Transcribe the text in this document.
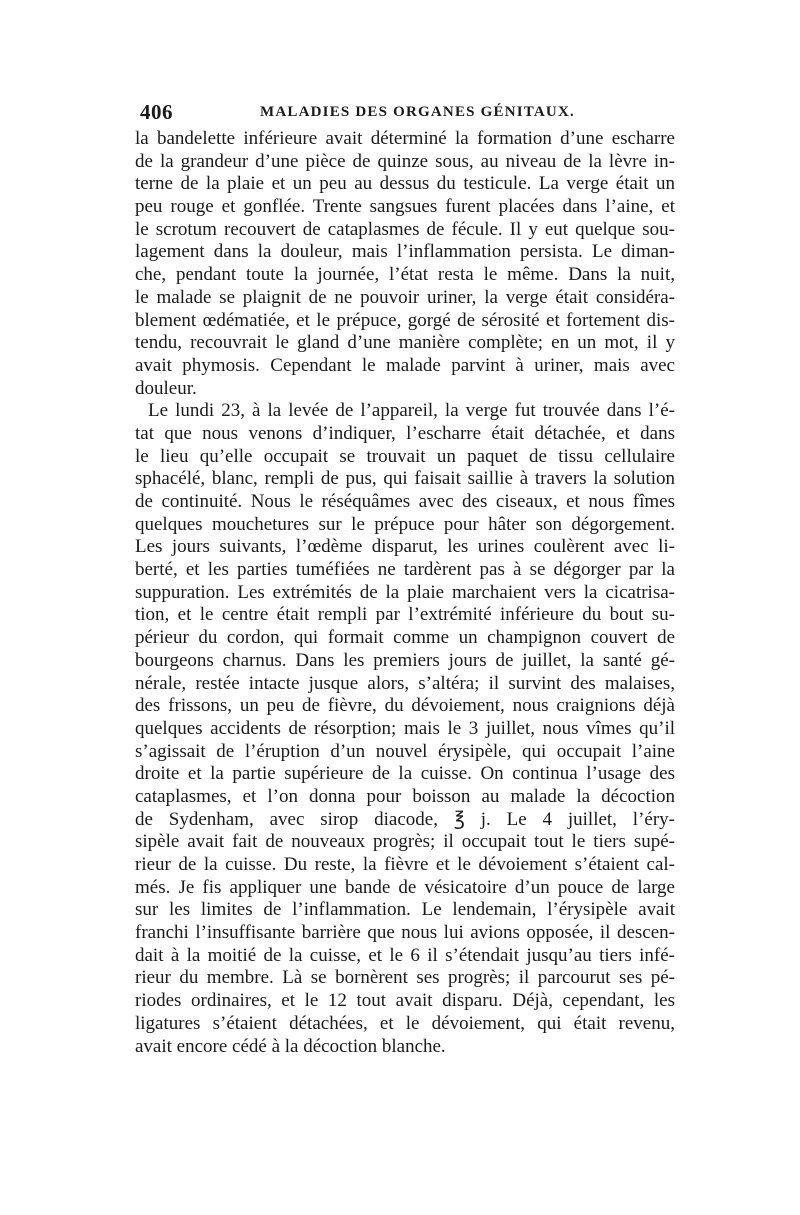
406	MALADIES DES ORGANES GÉNITAUX.
la bandelette inférieure avait déterminé la formation d’une escharre
de la grandeur d’une pièce de quinze sous, au niveau de la lèvre in-
terne de la plaie et un peu au dessus du testicule. La verge était un
peu rouge et gonflée. Trente sangsues furent placées dans l’aine, et
le scrotum recouvert de cataplasmes de fécule. Il y eut quelque sou-
lagement dans la douleur, mais l’inflammation persista. Le diman-
che, pendant toute la journée, l’état resta le même. Dans la nuit,
le malade se plaignit de ne pouvoir uriner, la verge était considéra-
blement œdématiée, et le prépuce, gorgé de sérosité et fortement dis-
tendu, recouvrait le gland d’une manière complète; en un mot, il y
avait phymosis. Cependant le malade parvint à uriner, mais avec
douleur.
Le lundi 23, à la levée de l’appareil, la verge fut trouvée dans l’é-
tat que nous venons d’indiquer, l’escharre était détachée, et dans
le lieu qu’elle occupait se trouvait un paquet de tissu cellulaire
sphacélé, blanc, rempli de pus, qui faisait saillie à travers la solution
de continuité. Nous le réséquâmes avec des ciseaux, et nous fîmes
quelques mouchetures sur le prépuce pour hâter son dégorgement.
Les jours suivants, l’œdème disparut, les urines coulèrent avec li-
berté, et les parties tuméfiées ne tardèrent pas à se dégorger par la
suppuration. Les extrémités de la plaie marchaient vers la cicatrisa-
tion, et le centre était rempli par l’extrémité inférieure du bout su-
périeur du cordon, qui formait comme un champignon couvert de
bourgeons charnus. Dans les premiers jours de juillet, la santé gé-
nérale, restée intacte jusque alors, s’altéra; il survint des malaises,
des frissons, un peu de fièvre, du dévoiement, nous craignions déjà
quelques accidents de résorption; mais le 3 juillet, nous vîmes qu’il
s’agissait de l’éruption d’un nouvel érysipèle, qui occupait l’aine
droite et la partie supérieure de la cuisse. On continua l’usage des
cataplasmes, et l’on donna pour boisson au malade la décoction
de Sydenham, avec sirop diacode, ℥ j. Le 4 juillet, l’éry-
sipèle avait fait de nouveaux progrès; il occupait tout le tiers supé-
rieur de la cuisse. Du reste, la fièvre et le dévoiement s’étaient cal-
més. Je fis appliquer une bande de vésicatoire d’un pouce de large
sur les limites de l’inflammation. Le lendemain, l’érysipèle avait
franchi l’insuffisante barrière que nous lui avions opposée, il descen-
dait à la moitié de la cuisse, et le 6 il s’étendait jusqu’au tiers infé-
rieur du membre. Là se bornèrent ses progrès; il parcourut ses pé-
riodes ordinaires, et le 12 tout avait disparu. Déjà, cependant, les
ligatures s’étaient détachées, et le dévoiement, qui était revenu,
avait encore cédé à la décoction blanche.
